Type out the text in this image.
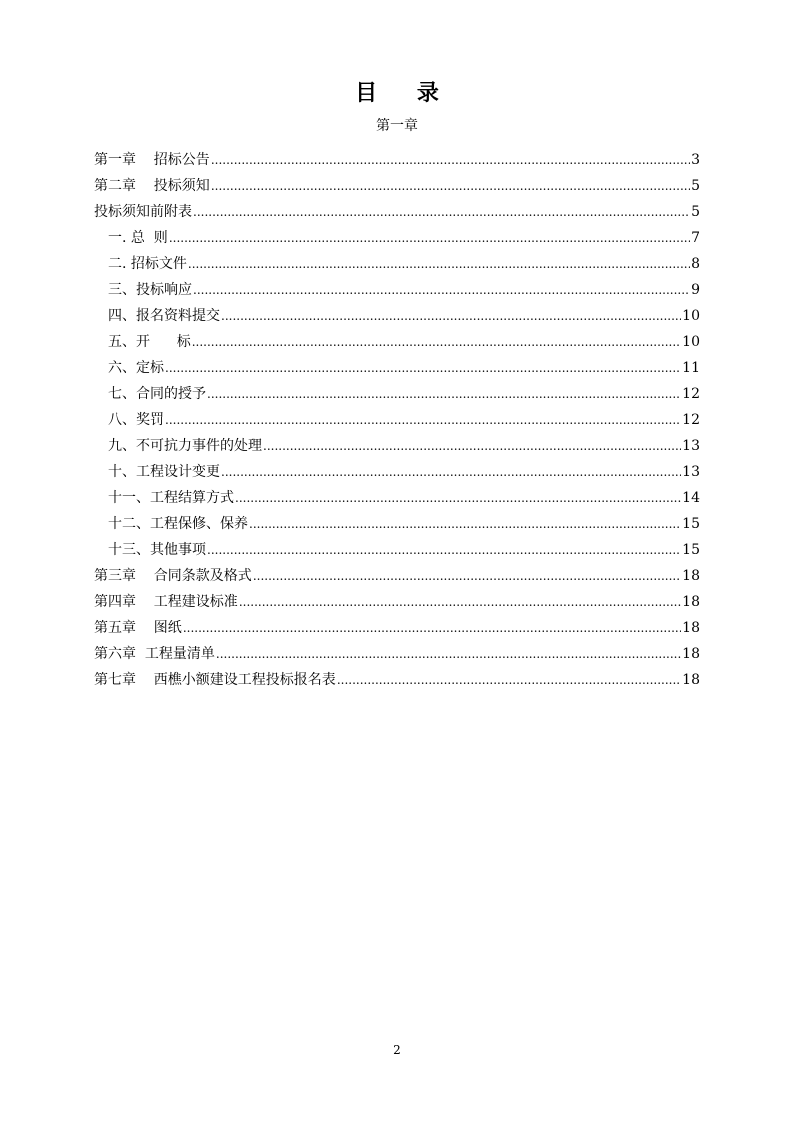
目 录
第一章
第一章    招标公告 .....	3
第二章    投标须知 .....	5
投标须知前附表 .....	5
一. 总  则 .....	7
二. 招标文件 .....	8
三、投标响应 .....	9
四、报名资料提交 .....	10
五、开      标 .....	10
六、定标 .....	11
七、合同的授予 .....	12
八、奖罚 .....	12
九、不可抗力事件的处理 .....	13
十、工程设计变更 .....	13
十一、工程结算方式 .....	14
十二、工程保修、保养 .....	15
十三、其他事项 .....	15
第三章    合同条款及格式 .....	18
第四章    工程建设标准 .....	18
第五章    图纸 .....	18
第六章  工程量清单 .....	18
第七章    西樵小额建设工程投标报名表 .....	18
2
